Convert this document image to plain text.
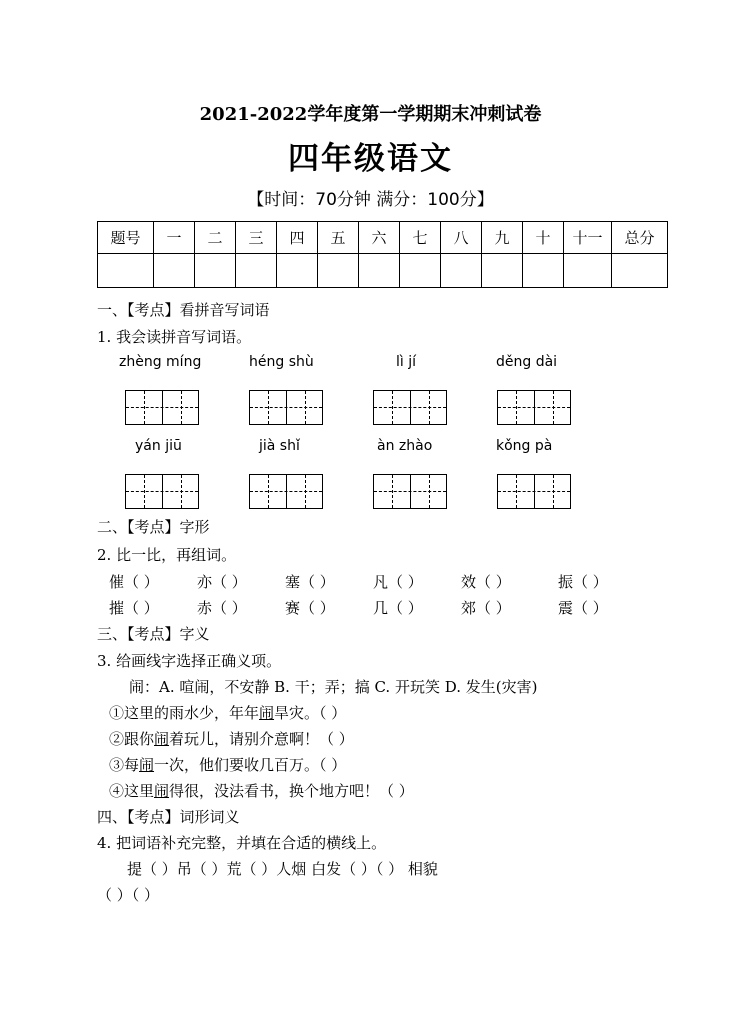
2021-2022学年度第一学期期末冲刺试卷
四年级语文
【时间：70分钟 满分：100分】
题号	一	二	三	四	五	六	七	八	九	十	十一	总分

一、【考点】看拼音写词语
1. 我会读拼音写词语。
zhèng míng	héng shù	lì jí	děng dài
yán jiū	jià shǐ	àn zhào	kǒng pà
二、【考点】字形
2. 比一比，再组词。
催（ ）	亦（ ）	塞（ ）	凡（ ）	效（ ）	振（ ）
摧（ ）	赤（ ）	赛（ ）	几（ ）	郊（ ）	震（ ）
三、【考点】字义
3. 给画线字选择正确义项。
闹：A. 喧闹，不安静 B. 干；弄；搞 C. 开玩笑 D. 发生(灾害)
①这里的雨水少，年年闹旱灾。（ ）
②跟你闹着玩儿，请别介意啊！（ ）
③每闹一次，他们要收几百万。（ ）
④这里闹得很，没法看书，换个地方吧！（ ）
四、【考点】词形词义
4. 把词语补充完整，并填在合适的横线上。
提（ ）吊（ ）荒（ ）人烟 白发（ ）（ ） 相貌
（ ）（ ）
